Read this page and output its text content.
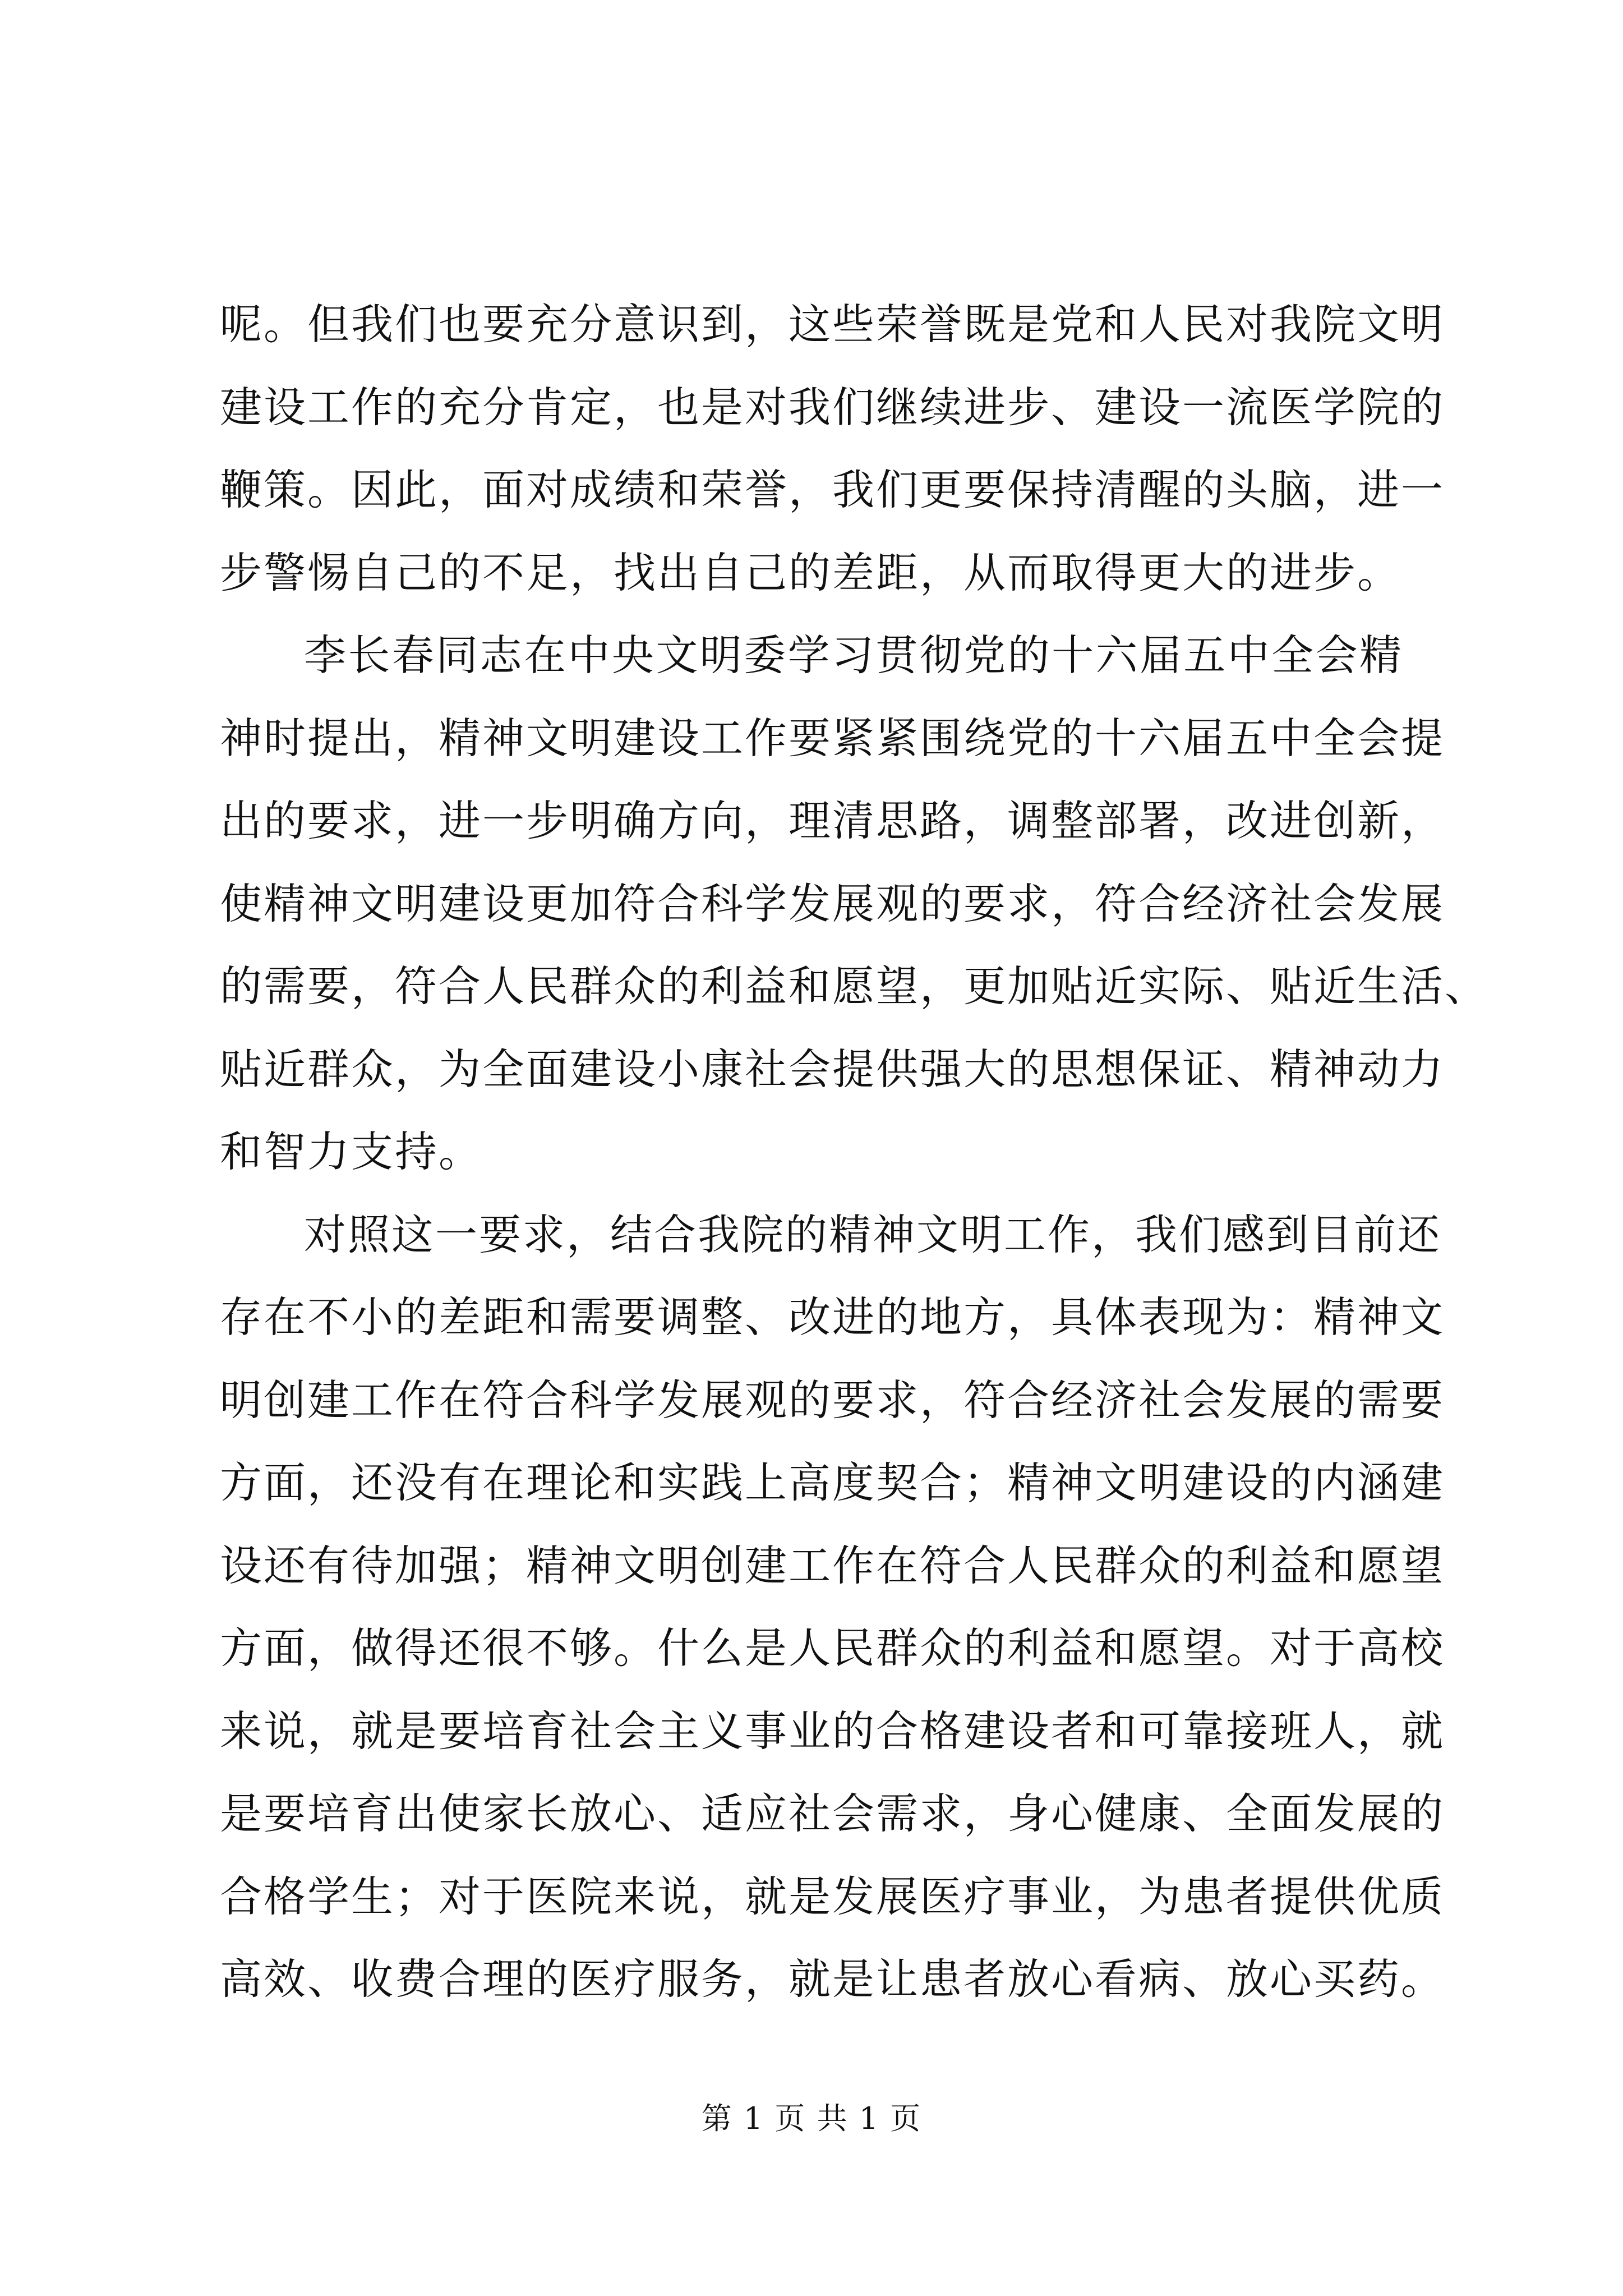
呢。但我们也要充分意识到，这些荣誉既是党和人民对我院文明
建设工作的充分肯定，也是对我们继续进步、建设一流医学院的
鞭策。因此，面对成绩和荣誉，我们更要保持清醒的头脑，进一
步警惕自己的不足，找出自己的差距，从而取得更大的进步。
李长春同志在中央文明委学习贯彻党的十六届五中全会精
神时提出，精神文明建设工作要紧紧围绕党的十六届五中全会提
出的要求，进一步明确方向，理清思路，调整部署，改进创新，
使精神文明建设更加符合科学发展观的要求，符合经济社会发展
的需要，符合人民群众的利益和愿望，更加贴近实际、贴近生活、
贴近群众，为全面建设小康社会提供强大的思想保证、精神动力
和智力支持。
对照这一要求，结合我院的精神文明工作，我们感到目前还
存在不小的差距和需要调整、改进的地方，具体表现为：精神文
明创建工作在符合科学发展观的要求，符合经济社会发展的需要
方面，还没有在理论和实践上高度契合；精神文明建设的内涵建
设还有待加强；精神文明创建工作在符合人民群众的利益和愿望
方面，做得还很不够。什么是人民群众的利益和愿望。对于高校
来说，就是要培育社会主义事业的合格建设者和可靠接班人，就
是要培育出使家长放心、适应社会需求，身心健康、全面发展的
合格学生；对于医院来说，就是发展医疗事业，为患者提供优质
高效、收费合理的医疗服务，就是让患者放心看病、放心买药。
第 1 页 共 1 页
